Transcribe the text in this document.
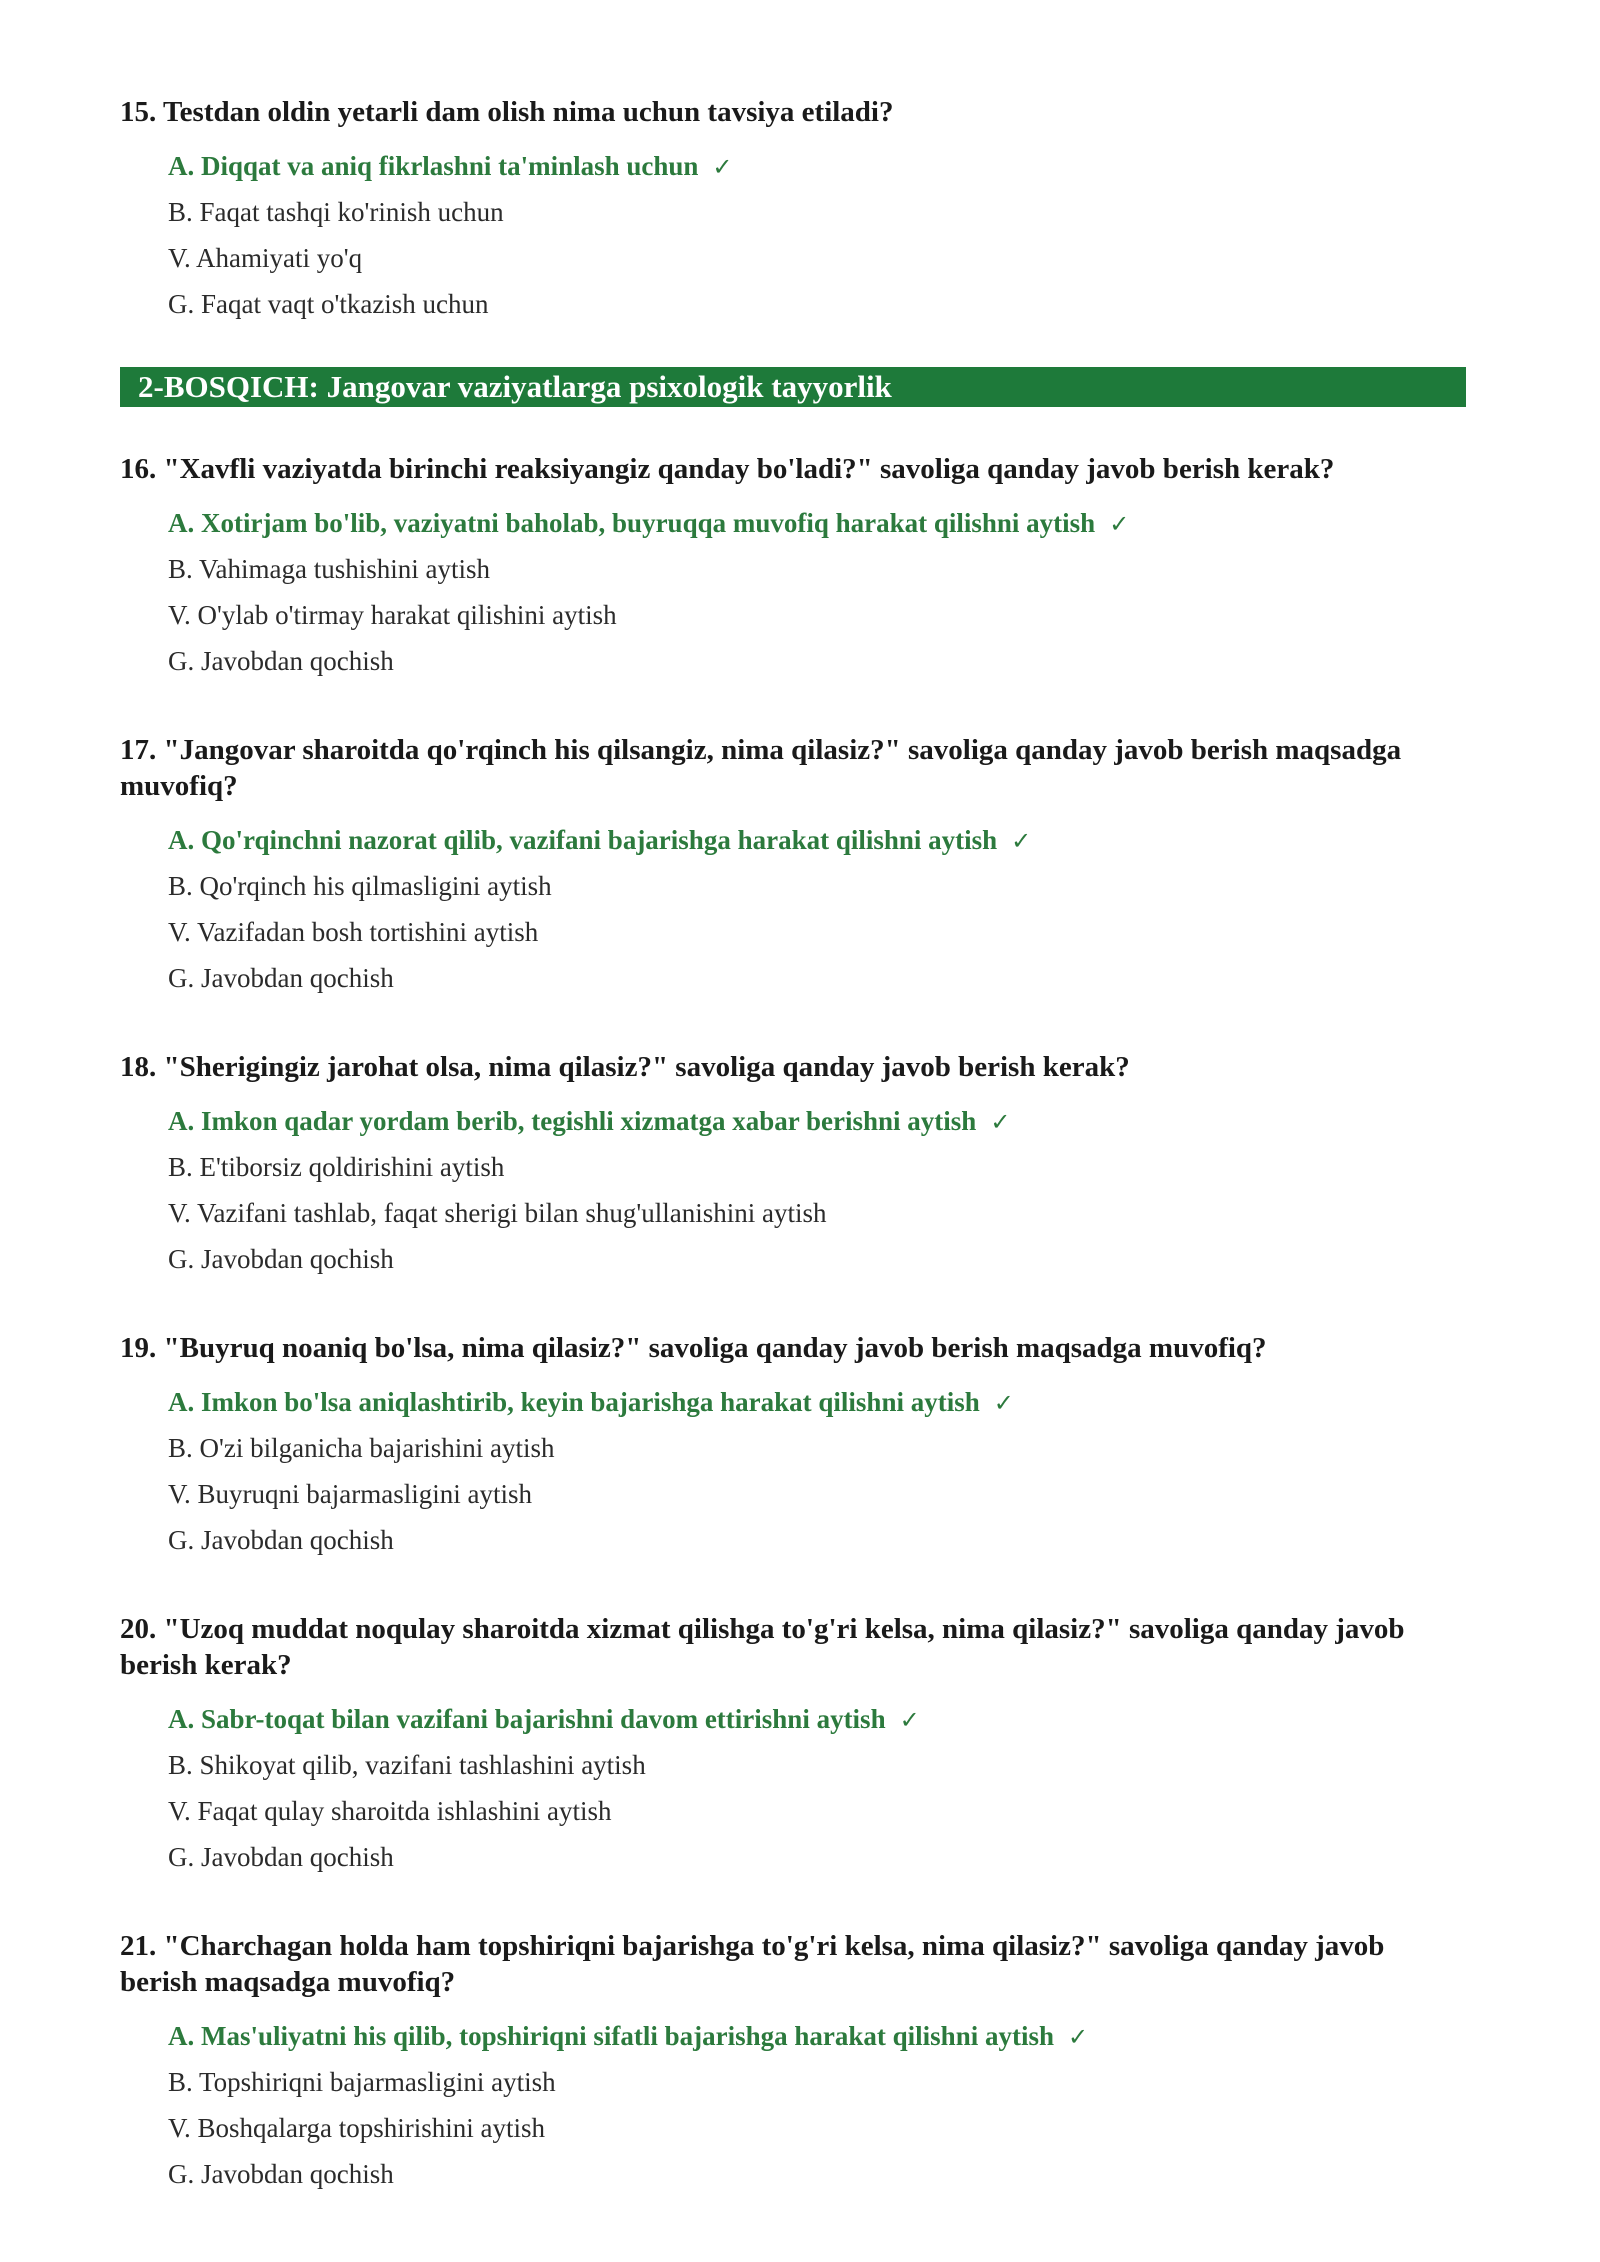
15. Testdan oldin yetarli dam olish nima uchun tavsiya etiladi?
A. Diqqat va aniq fikrlashni ta'minlash uchun ✓
B. Faqat tashqi ko'rinish uchun
V. Ahamiyati yo'q
G. Faqat vaqt o'tkazish uchun
2-BOSQICH: Jangovar vaziyatlarga psixologik tayyorlik
16. "Xavfli vaziyatda birinchi reaksiyangiz qanday bo'ladi?" savoliga qanday javob berish kerak?
A. Xotirjam bo'lib, vaziyatni baholab, buyruqqa muvofiq harakat qilishni aytish ✓
B. Vahimaga tushishini aytish
V. O'ylab o'tirmay harakat qilishini aytish
G. Javobdan qochish
17. "Jangovar sharoitda qo'rqinch his qilsangiz, nima qilasiz?" savoliga qanday javob berish maqsadga muvofiq?
A. Qo'rqinchni nazorat qilib, vazifani bajarishga harakat qilishni aytish ✓
B. Qo'rqinch his qilmasligini aytish
V. Vazifadan bosh tortishini aytish
G. Javobdan qochish
18. "Sherigingiz jarohat olsa, nima qilasiz?" savoliga qanday javob berish kerak?
A. Imkon qadar yordam berib, tegishli xizmatga xabar berishni aytish ✓
B. E'tiborsiz qoldirishini aytish
V. Vazifani tashlab, faqat sherigi bilan shug'ullanishini aytish
G. Javobdan qochish
19. "Buyruq noaniq bo'lsa, nima qilasiz?" savoliga qanday javob berish maqsadga muvofiq?
A. Imkon bo'lsa aniqlashtirib, keyin bajarishga harakat qilishni aytish ✓
B. O'zi bilganicha bajarishini aytish
V. Buyruqni bajarmasligini aytish
G. Javobdan qochish
20. "Uzoq muddat noqulay sharoitda xizmat qilishga to'g'ri kelsa, nima qilasiz?" savoliga qanday javob berish kerak?
A. Sabr-toqat bilan vazifani bajarishni davom ettirishni aytish ✓
B. Shikoyat qilib, vazifani tashlashini aytish
V. Faqat qulay sharoitda ishlashini aytish
G. Javobdan qochish
21. "Charchagan holda ham topshiriqni bajarishga to'g'ri kelsa, nima qilasiz?" savoliga qanday javob berish maqsadga muvofiq?
A. Mas'uliyatni his qilib, topshiriqni sifatli bajarishga harakat qilishni aytish ✓
B. Topshiriqni bajarmasligini aytish
V. Boshqalarga topshirishini aytish
G. Javobdan qochish
